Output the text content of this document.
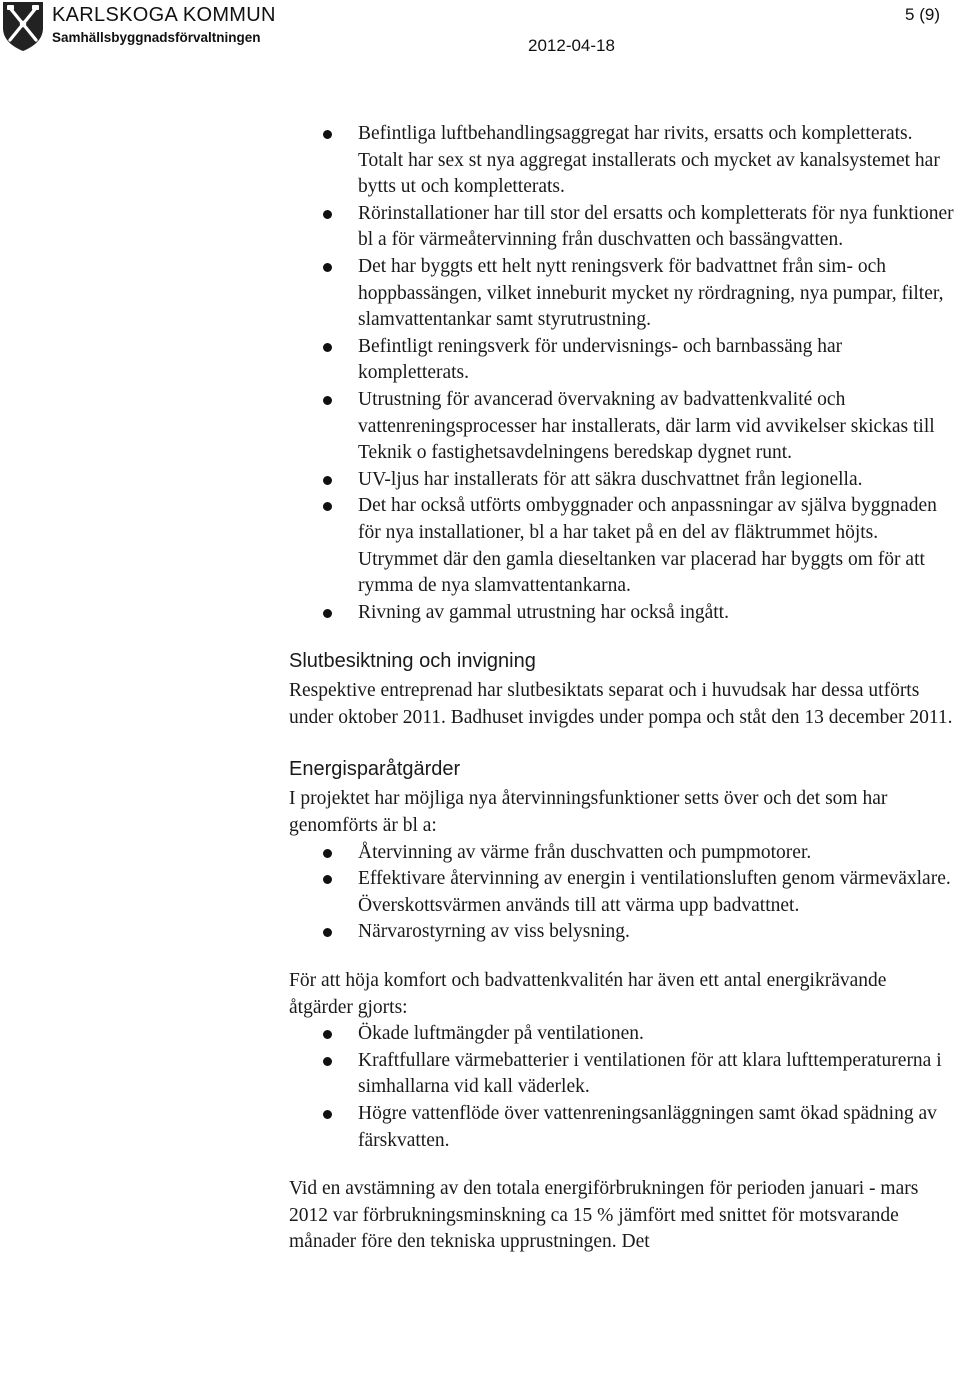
KARLSKOGA KOMMUN
Samhällsbyggnadsförvaltningen	2012-04-18
5 (9)
Befintliga luftbehandlingsaggregat har rivits, ersatts och kompletterats. Totalt har sex st nya aggregat installerats och mycket av kanalsystemet har bytts ut och kompletterats.
Rörinstallationer har till stor del ersatts och kompletterats för nya funktioner bl a för värmeåtervinning från duschvatten och bassängvatten.
Det har byggts ett helt nytt reningsverk för badvattnet från sim- och hoppbassängen, vilket inneburit mycket ny rördragning, nya pumpar, filter, slamvattentankar samt styrutrustning.
Befintligt reningsverk för undervisnings- och barnbassäng har kompletterats.
Utrustning för avancerad övervakning av badvattenkvalité och vattenreningsprocesser har installerats, där larm vid avvikelser skickas till Teknik o fastighetsavdelningens beredskap dygnet runt.
UV-ljus har installerats för att säkra duschvattnet från legionella.
Det har också utförts ombyggnader och anpassningar av själva byggnaden för nya installationer, bl a har taket på en del av fläktrummet höjts. Utrymmet där den gamla dieseltanken var placerad har byggts om för att rymma de nya slamvattentankarna.
Rivning av gammal utrustning har också ingått.
Slutbesiktning och invigning

Respektive entreprenad har slutbesiktats separat och i huvudsak har dessa utförts under oktober 2011. Badhuset invigdes under pompa och ståt den 13 december 2011.

Energisparåtgärder

I projektet har möjliga nya återvinningsfunktioner setts över och det som har genomförts är bl a:

Återvinning av värme från duschvatten och pumpmotorer.
Effektivare återvinning av energin i ventilationsluften genom värmeväxlare. Överskottsvärmen används till att värma upp badvattnet.
Närvarostyrning av viss belysning.

För att höja komfort och badvattenkvalitén har även ett antal energikrävande åtgärder gjorts:

Ökade luftmängder på ventilationen.
Kraftfullare värmebatterier i ventilationen för att klara lufttemperaturerna i simhallarna vid kall väderlek.
Högre vattenflöde över vattenreningsanläggningen samt ökad spädning av färskvatten.

Vid en avstämning av den totala energiförbrukningen för perioden januari - mars 2012 var förbrukningsminskning ca 15 % jämfört med snittet för motsvarande månader före den tekniska upprustningen. Det
